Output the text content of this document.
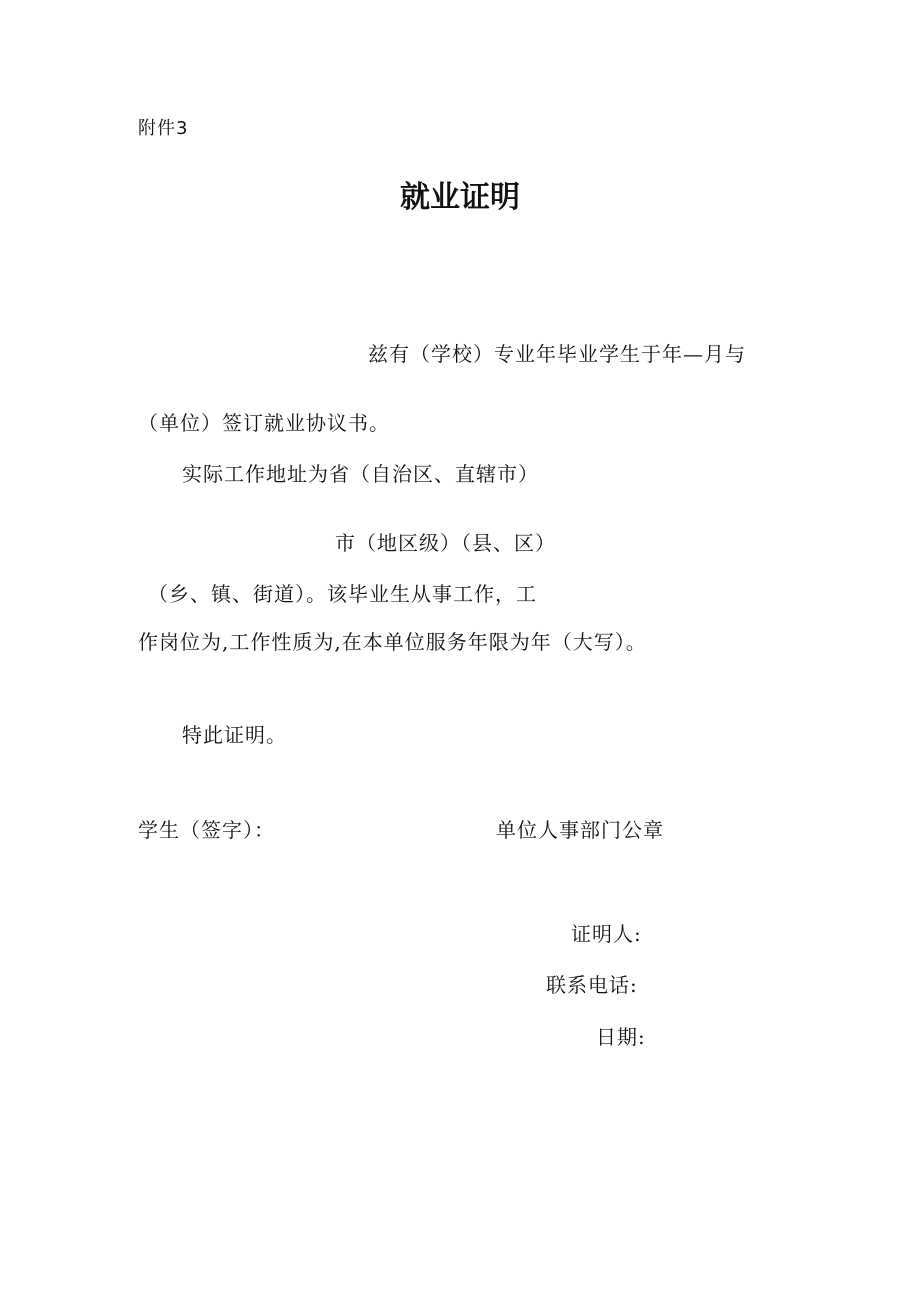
附件3
就业证明
兹有（学校）专业年毕业学生于年—月与
（单位）签订就业协议书。
实际工作地址为省（自治区、直辖市）
市（地区级）（县、区）
（乡、镇、街道）。该毕业生从事工作，工
作岗位为,工作性质为,在本单位服务年限为年（大写）。
特此证明。
学生（签字）：	单位人事部门公章
证明人:
联系电话:
日期:
